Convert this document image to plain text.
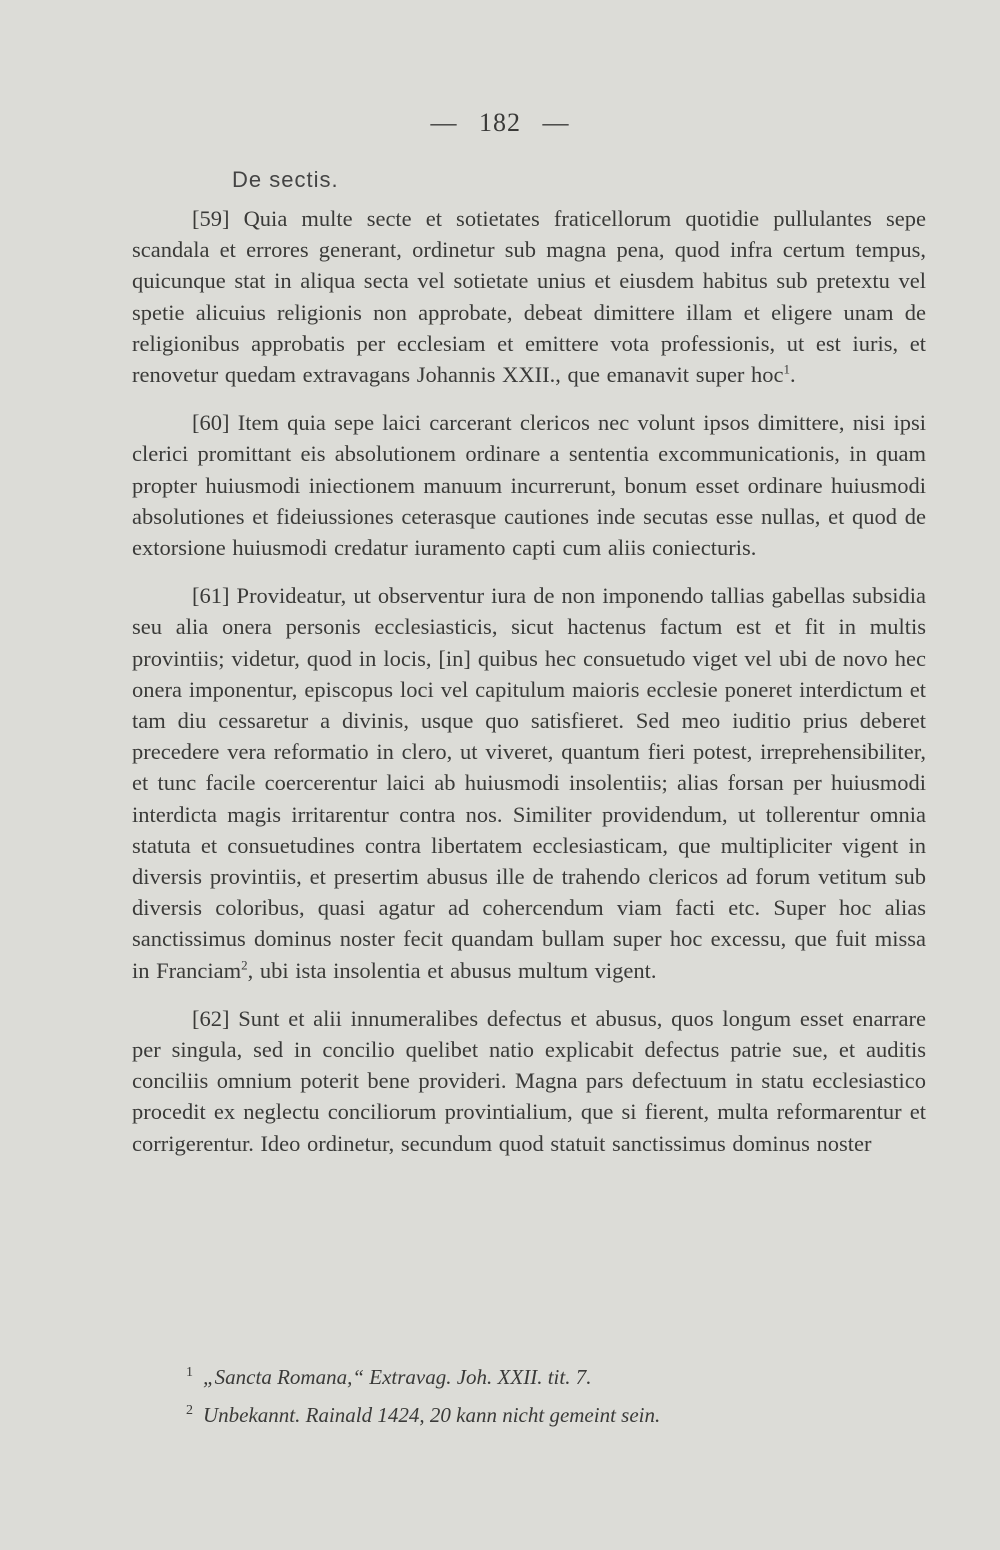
— 182 —
De sectis.

[59] Quia multe secte et sotietates fraticellorum quotidie pullulantes sepe scandala et errores generant, ordinetur sub magna pena, quod infra certum tempus, quicunque stat in aliqua secta vel sotietate unius et eiusdem habitus sub pretextu vel spetie alicuius religionis non approbate, debeat dimittere illam et eligere unam de religionibus approbatis per ecclesiam et emittere vota professionis, ut est iuris, et renovetur quedam extravagans Johannis XXII., que emanavit super hoc$^1$.

[60] Item quia sepe laici carcerant clericos nec volunt ipsos dimittere, nisi ipsi clerici promittant eis absolutionem ordinare a sententia excommunicationis, in quam propter huiusmodi iniectionem manuum incurrerunt, bonum esset ordinare huiusmodi absolutiones et fideiussiones ceterasque cautiones inde secutas esse nullas, et quod de extorsione huiusmodi credatur iuramento capti cum aliis coniecturis.

[61] Provideatur, ut observentur iura de non imponendo tallias gabellas subsidia seu alia onera personis ecclesiasticis, sicut hactenus factum est et fit in multis provintiis; videtur, quod in locis, [in] quibus hec consuetudo viget vel ubi de novo hec onera imponentur, episcopus loci vel capitulum maioris ecclesie poneret interdictum et tam diu cessaretur a divinis, usque quo satisfieret. Sed meo iuditio prius deberet precedere vera reformatio in clero, ut viveret, quantum fieri potest, irreprehensibiliter, et tunc facile coercerentur laici ab huiusmodi insolentiis; alias forsan per huiusmodi interdicta magis irritarentur contra nos. Similiter providendum, ut tollerentur omnia statuta et consuetudines contra libertatem ecclesiasticam, que multipliciter vigent in diversis provintiis, et presertim abusus ille de trahendo clericos ad forum vetitum sub diversis coloribus, quasi agatur ad cohercendum viam facti etc. Super hoc alias sanctissimus dominus noster fecit quandam bullam super hoc excessu, que fuit missa in Franciam$^2$, ubi ista insolentia et abusus multum vigent.

[62] Sunt et alii innumeralibes defectus et abusus, quos longum esset enarrare per singula, sed in concilio quelibet natio explicabit defectus patrie sue, et auditis conciliis omnium poterit bene provideri. Magna pars defectuum in statu ecclesiastico procedit ex neglectu conciliorum provintialium, que si fierent, multa reformarentur et corrigerentur. Ideo ordinetur, secundum quod statuit sanctissimus dominus noster

$^1$ „Sancta Romana,“ Extravag. Joh. XXII. tit. 7.
$^2$ Unbekannt. Rainald 1424, 20 kann nicht gemeint sein.
